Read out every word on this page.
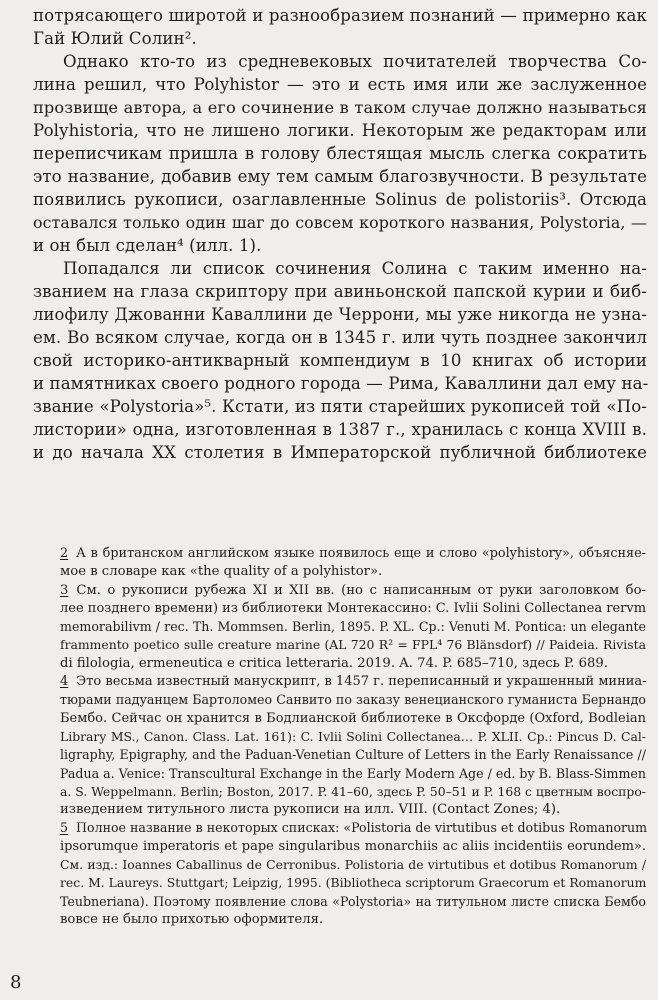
потрясающего широтой и разнообразием познаний — примерно как
Гай Юлий Солин².
Однако кто-то из средневековых почитателей творчества Со-
лина решил, что Polyhistor — это и есть имя или же заслуженное
прозвище автора, а его сочинение в таком случае должно называться
Polyhistoria, что не лишено логики. Некоторым же редакторам или
переписчикам пришла в голову блестящая мысль слегка сократить
это название, добавив ему тем самым благозвучности. В результате
появились рукописи, озаглавленные Solinus de polistoriis³. Отсюда
оставался только один шаг до совсем короткого названия, Polystoria, —
и он был сделан⁴ (илл. 1).
Попадался ли список сочинения Солина с таким именно на-
званием на глаза скриптору при авиньонской папской курии и биб-
лиофилу Джованни Каваллини де Черрони, мы уже никогда не узна-
ем. Во всяком случае, когда он в 1345 г. или чуть позднее закончил
свой историко-антикварный компендиум в 10 книгах об истории
и памятниках своего родного города — Рима, Каваллини дал ему на-
звание «Polystoria»⁵. Кстати, из пяти старейших рукописей той «По-
листории» одна, изготовленная в 1387 г., хранилась с конца XVIII в.
и до начала XX столетия в Императорской публичной библиотеке
2 А в британском английском языке появилось еще и слово «polyhistory», объясняе-
мое в словаре как «the quality of a polyhistor».
3 См. о рукописи рубежа XI и XII вв. (но с написанным от руки заголовком бо-
лее позднего времени) из библиотеки Монтекассино: C. Ivlii Solini Collectanea rervm
memorabilivm / rec. Th. Mommsen. Berlin, 1895. P. XL. Ср.: Venuti M. Pontica: un elegante
frammento poetico sulle creature marine (AL 720 R² = FPL⁴ 76 Blänsdorf) // Paideia. Rivista
di filologia, ermeneutica e critica letteraria. 2019. A. 74. P. 685–710, здесь P. 689.
4 Это весьма известный манускрипт, в 1457 г. переписанный и украшенный миниа-
тюрами падуанцем Бартоломео Санвито по заказу венецианского гуманиста Бернандо
Бембо. Сейчас он хранится в Бодлианской библиотеке в Оксфорде (Oxford, Bodleian
Library MS., Canon. Class. Lat. 161): C. Ivlii Solini Collectanea… P. XLII. Ср.: Pincus D. Cal-
ligraphy, Epigraphy, and the Paduan-Venetian Culture of Letters in the Early Renaissance //
Padua a. Venice: Transcultural Exchange in the Early Modern Age / ed. by B. Blass-Simmen
a. S. Weppelmann. Berlin; Boston, 2017. P. 41–60, здесь P. 50–51 и P. 168 с цветным воспро-
изведением титульного листа рукописи на илл. VIII. (Contact Zones; 4).
5 Полное название в некоторых списках: «Polistoria de virtutibus et dotibus Romanorum
ipsorumque imperatoris et pape singularibus monarchiis ac aliis incidentiis eorundem».
См. изд.: Ioannes Caballinus de Cerronibus. Polistoria de virtutibus et dotibus Romanorum /
rec. M. Laureys. Stuttgart; Leipzig, 1995. (Bibliotheca scriptorum Graecorum et Romanorum
Teubneriana). Поэтому появление слова «Polystoria» на титульном листе списка Бембо
вовсе не было прихотью оформителя.
8
